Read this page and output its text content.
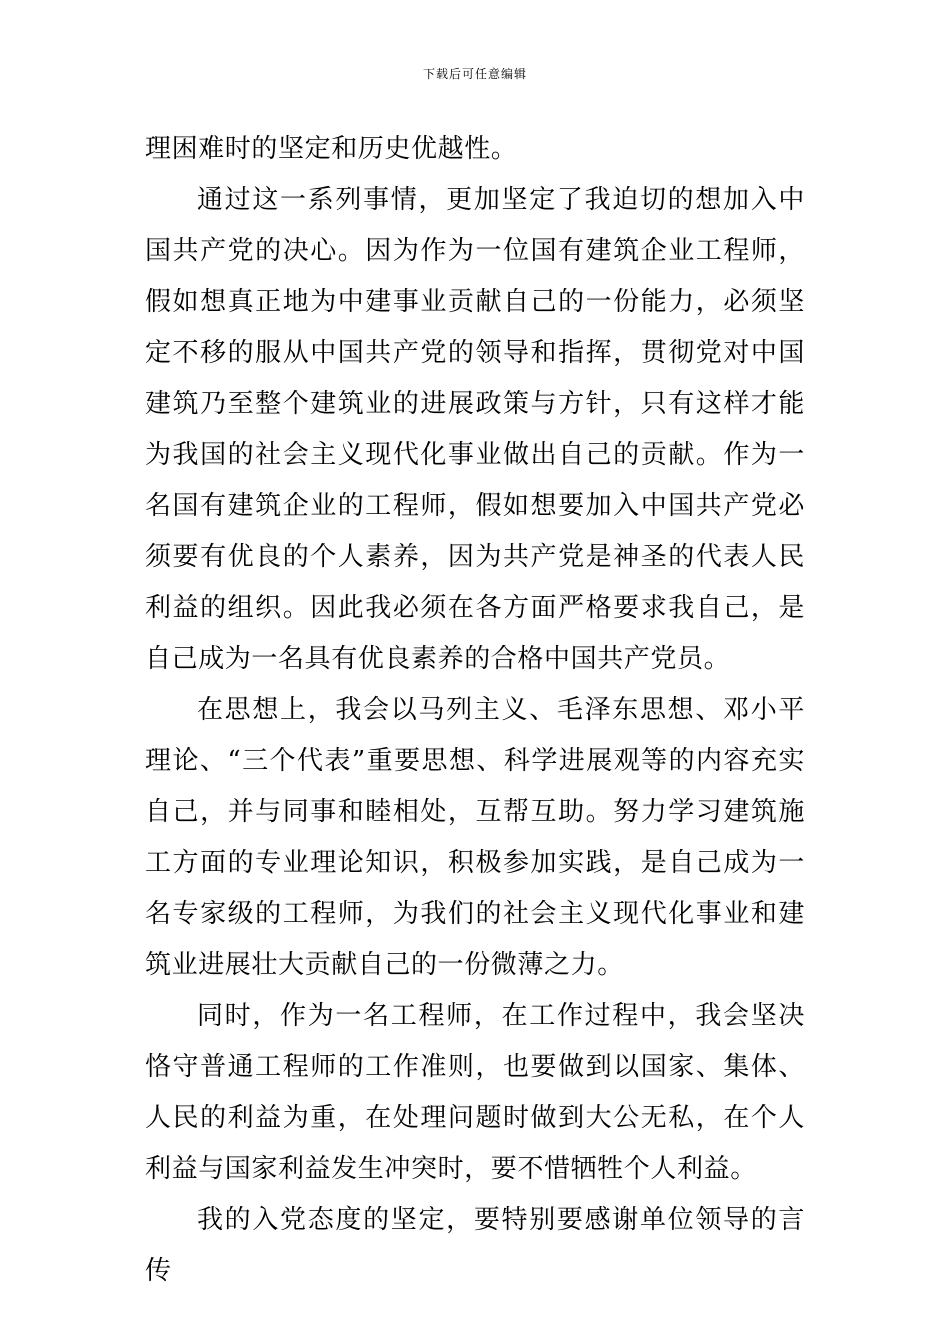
下载后可任意编辑

理困难时的坚定和历史优越性。

通过这一系列事情，更加坚定了我迫切的想加入中国共产党的决心。因为作为一位国有建筑企业工程师，假如想真正地为中建事业贡献自己的一份能力，必须坚定不移的服从中国共产党的领导和指挥，贯彻党对中国建筑乃至整个建筑业的进展政策与方针，只有这样才能为我国的社会主义现代化事业做出自己的贡献。作为一名国有建筑企业的工程师，假如想要加入中国共产党必须要有优良的个人素养，因为共产党是神圣的代表人民利益的组织。因此我必须在各方面严格要求我自己，是自己成为一名具有优良素养的合格中国共产党员。

在思想上，我会以马列主义、毛泽东思想、邓小平理论、“三个代表”重要思想、科学进展观等的内容充实自己，并与同事和睦相处，互帮互助。努力学习建筑施工方面的专业理论知识，积极参加实践，是自己成为一名专家级的工程师，为我们的社会主义现代化事业和建筑业进展壮大贡献自己的一份微薄之力。

同时，作为一名工程师，在工作过程中，我会坚决恪守普通工程师的工作准则，也要做到以国家、集体、人民的利益为重，在处理问题时做到大公无私，在个人利益与国家利益发生冲突时，要不惜牺牲个人利益。

我的入党态度的坚定，要特别要感谢单位领导的言传
